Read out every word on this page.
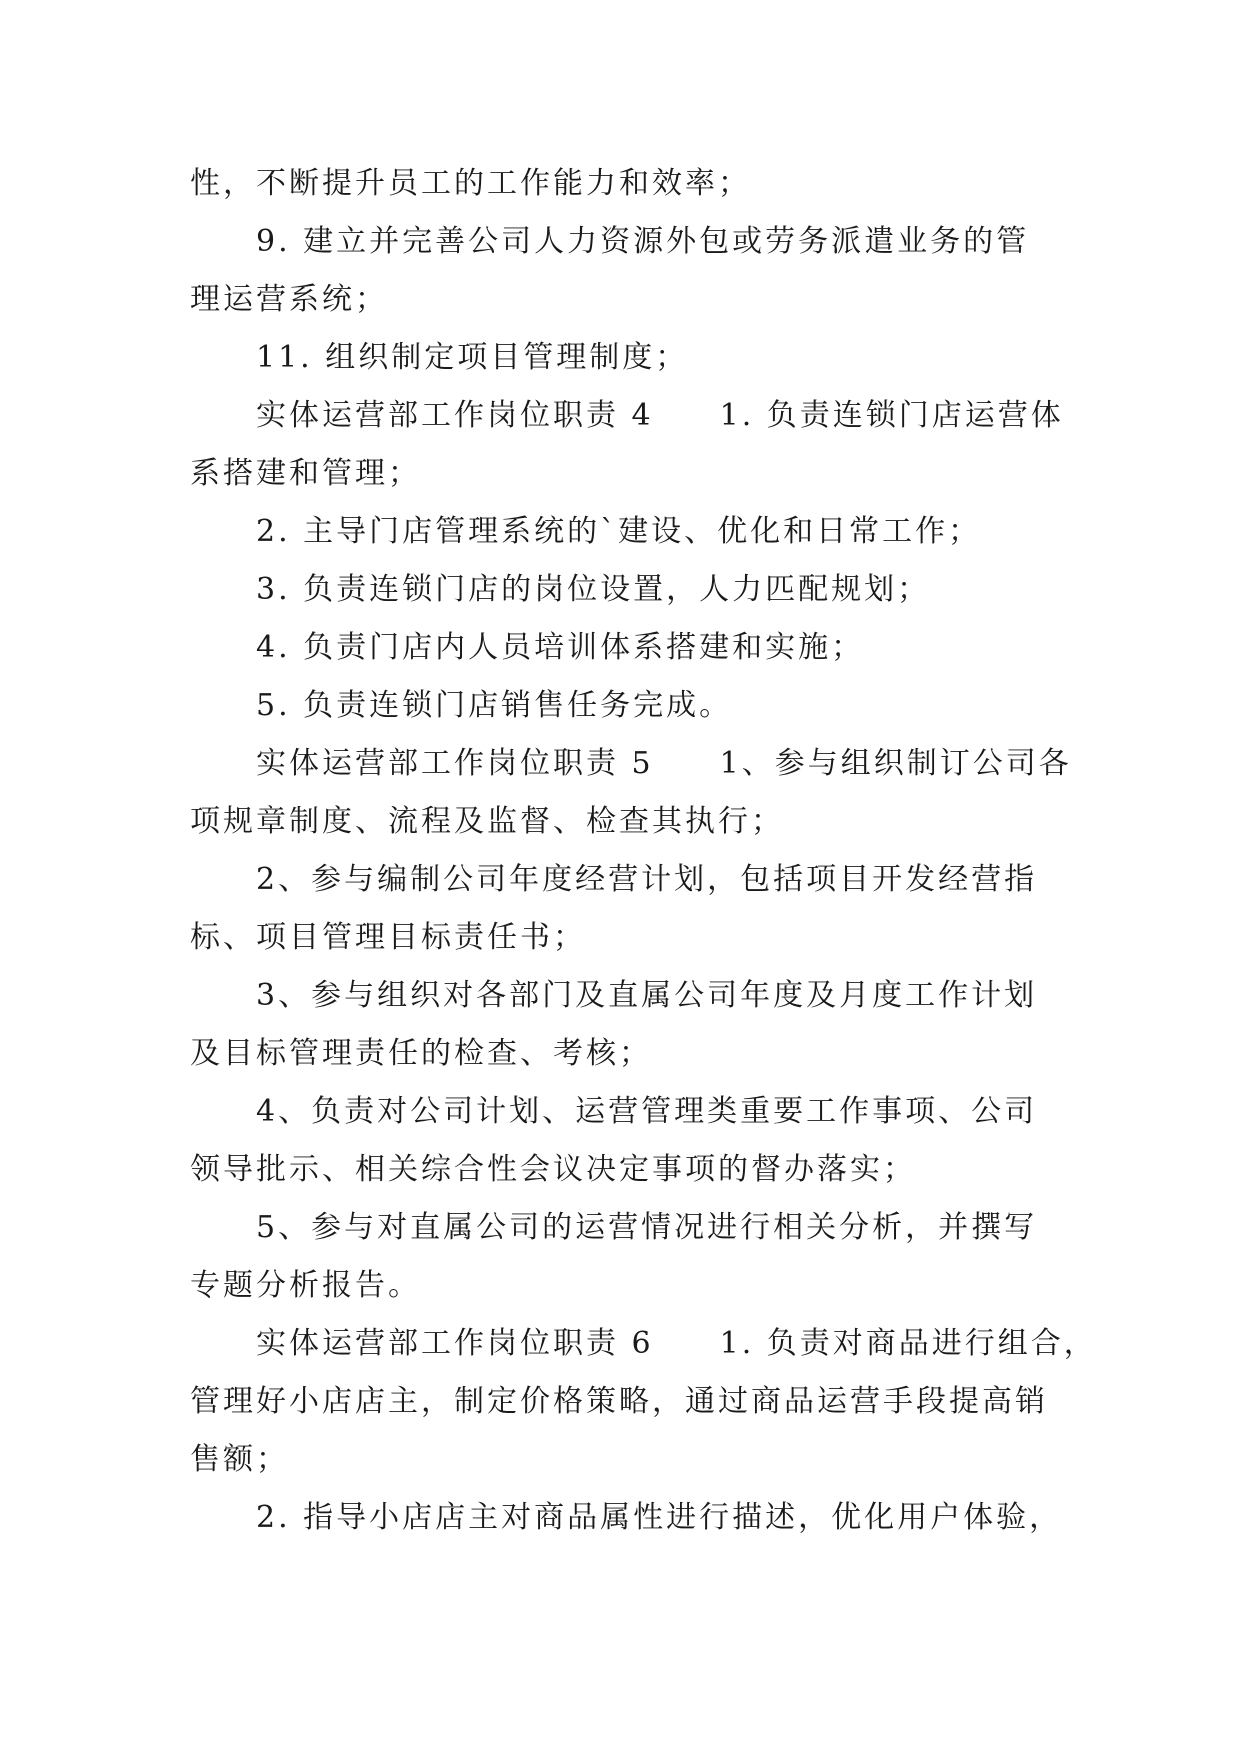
性，不断提升员工的工作能力和效率；
9. 建立并完善公司人力资源外包或劳务派遣业务的管
理运营系统；
11. 组织制定项目管理制度；
实体运营部工作岗位职责 4　　1. 负责连锁门店运营体
系搭建和管理；
2. 主导门店管理系统的`建设、优化和日常工作；
3. 负责连锁门店的岗位设置，人力匹配规划；
4. 负责门店内人员培训体系搭建和实施；
5. 负责连锁门店销售任务完成。
实体运营部工作岗位职责 5　　1、参与组织制订公司各
项规章制度、流程及监督、检查其执行；
2、参与编制公司年度经营计划，包括项目开发经营指
标、项目管理目标责任书；
3、参与组织对各部门及直属公司年度及月度工作计划
及目标管理责任的检查、考核；
4、负责对公司计划、运营管理类重要工作事项、公司
领导批示、相关综合性会议决定事项的督办落实；
5、参与对直属公司的运营情况进行相关分析，并撰写
专题分析报告。
实体运营部工作岗位职责 6　　1. 负责对商品进行组合，
管理好小店店主，制定价格策略，通过商品运营手段提高销
售额；
2. 指导小店店主对商品属性进行描述，优化用户体验，
